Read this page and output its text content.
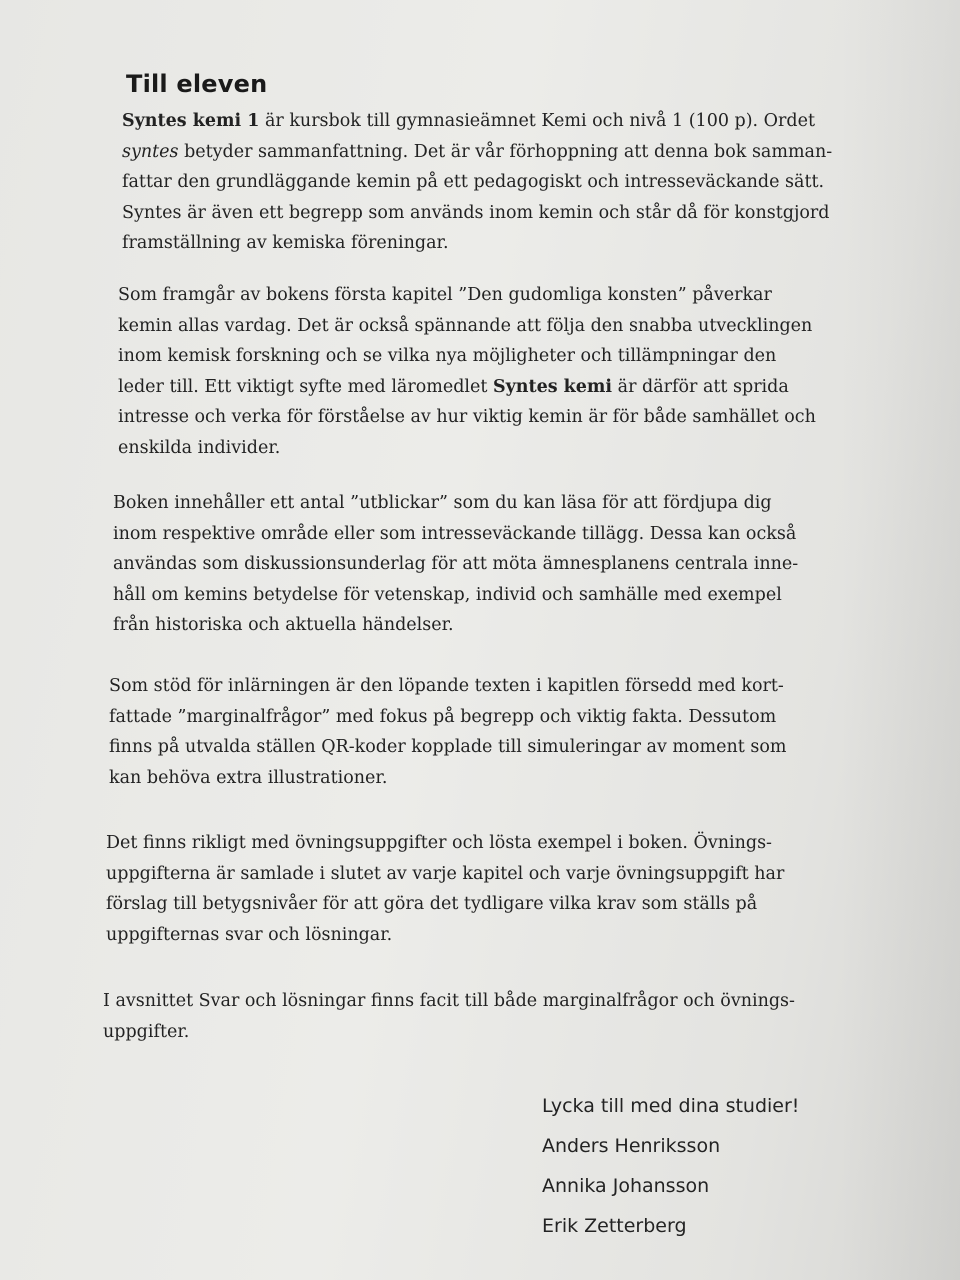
Till eleven

Syntes kemi 1 är kursbok till gymnasieämnet Kemi och nivå 1 (100 p). Ordet
syntes betyder sammanfattning. Det är vår förhoppning att denna bok samman-
fattar den grundläggande kemin på ett pedagogiskt och intresseväckande sätt.
Syntes är även ett begrepp som används inom kemin och står då för konstgjord
framställning av kemiska föreningar.

Som framgår av bokens första kapitel ”Den gudomliga konsten” påverkar
kemin allas vardag. Det är också spännande att följa den snabba utvecklingen
inom kemisk forskning och se vilka nya möjligheter och tillämpningar den
leder till. Ett viktigt syfte med läromedlet Syntes kemi är därför att sprida
intresse och verka för förståelse av hur viktig kemin är för både samhället och
enskilda individer.

Boken innehåller ett antal ”utblickar” som du kan läsa för att fördjupa dig
inom respektive område eller som intresseväckande tillägg. Dessa kan också
användas som diskussionsunderlag för att möta ämnesplanens centrala inne-
håll om kemins betydelse för vetenskap, individ och samhälle med exempel
från historiska och aktuella händelser.

Som stöd för inlärningen är den löpande texten i kapitlen försedd med kort-
fattade ”marginalfrågor” med fokus på begrepp och viktig fakta. Dessutom
finns på utvalda ställen QR-koder kopplade till simuleringar av moment som
kan behöva extra illustrationer.

Det finns rikligt med övningsuppgifter och lösta exempel i boken. Övnings-
uppgifterna är samlade i slutet av varje kapitel och varje övningsuppgift har
förslag till betygsnivåer för att göra det tydligare vilka krav som ställs på
uppgifternas svar och lösningar.

I avsnittet Svar och lösningar finns facit till både marginalfrågor och övnings-
uppgifter.

Lycka till med dina studier!
Anders Henriksson
Annika Johansson
Erik Zetterberg
